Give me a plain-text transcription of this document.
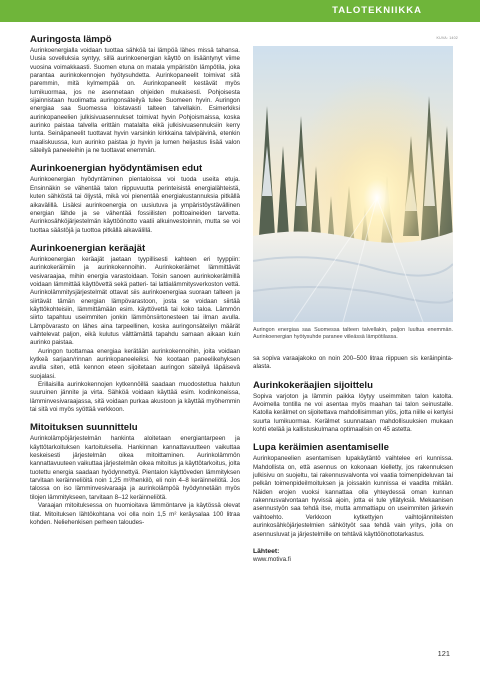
TALOTEKNIIKKA
KUVA: 1402
Auringosta lämpö

Aurinkoenergialla voidaan tuottaa sähköä tai lämpöä lähes missä tahansa. Uusia sovelluksia syntyy, sillä aurinkoenergian käyttö on lisääntynyt viime vuosina voimakkaasti. Suomen etuna on matala ympäristön lämpötila, joka parantaa aurinkokennojen hyötysuhdetta. Aurinkopaneelit toimivat sitä paremmin, mitä kylmempää on. Aurinkopaneelit kestävät myös lumikuormaa, jos ne asennetaan ohjeiden mukaisesti. Pohjoisesta sijainnistaan huolimatta auringonsäteilyä tulee Suomeen hyvin. Auringon energiaa saa Suomessa loistavasti talteen talvellakin. Esimerkiksi aurinkopaneelien julkisivuasennukset toimivat hyvin Pohjoismaissa, koska aurinko paistaa talvella erittäin matalalta eikä julkisivuasennuksiin kerry lunta. Seinäpaneelit tuottavat hyvin varsinkin kirkkaina talvipäivinä, etenkin maaliskuussa, kun aurinko paistaa jo hyvin ja lumen heijastus lisää valon säteilyä paneeleihin ja ne tuottavat enemmän.

Aurinkoenergian hyödyntämisen edut

Aurinkoenergian hyödyntäminen pientaloissa voi tuoda useita etuja. Ensinnäkin se vähentää talon riippuvuutta perinteisistä energialähteistä, kuten sähköstä tai öljystä, mikä voi pienentää energiakustannuksia pitkällä aikavälillä. Lisäksi aurinkoenergia on uusiutuva ja ympäristöystävällinen energian lähde ja se vähentää fossiilisten polttoaineiden tarvetta. Aurinkosähköjärjestelmän käyttöönotto vaatii alkuinvestoinnin, mutta se voi tuottaa säästöjä ja tuottoa pitkällä aikavälillä.

Aurinkoenergian keräajät

Aurinkoenergian keräajät jaetaan tyypillisesti kahteen eri tyyppiin: aurinkokeräimiin ja aurinkokennoihin. Aurinkokeräimet lämmittävät vesivaraajaa, mihin energia varastoidaan. Toisin sanoen aurinkokerälmillä voidaan lämmittää käyttövettä sekä patteri- tai lattialämmitysverkoston vettä. Aurinkolämmitysjärjestelmät ottavat siis aurinkoenergiaa suoraan talteen ja siirtävät tämän energian lämpövarastoon, josta se voidaan siirtää käyttökohteisiin, lämmittämään esim. käyttövettä tai koko taloa. Lämmön siirto tapahtuu useimmiten jonkin lämmönsiirtonesteen tai ilman avulla. Lämpövarasto on lähes aina tarpeellinen, koska auringonsäteilyn määrät vaihtelevat paljon, eikä kulutus välttämättä tapahdu samaan aikaan kuin aurinko paistaa.

Auringon tuottamaa energiaa kerätään aurinkokennoihin, joita voidaan kytkeä sarjaan/rinnan aurinkopaneeleiksi. Ne kootaan paneelikehyksen avulla siten, että kennon eteen sijoitetaan auringon säteilyä läpäisevä suojalasi.

Erillaisilla aurinkokennojen kytkennöillä saadaan muodostettua halutun suuruinen jännite ja virta. Sähköä voidaan käyttää esim. kodinkoneissa, lämminvesivaraajassa, sitä voidaan purkaa akustoon ja käyttää myöhemmin tai sitä voi myös syöttää verkkoon.

Mitoituksen suunnittelu

Aurinkolämpöjärjestelmän hankinta aloitetaan energiantarpeen ja käyttötarkoituksen kartoituksella. Hankinnan kannattavuutteen vaikuttaa keskeisesti järjestelmän oikea mitoittaminen. Aurinkolämmön kannattavuuteen vaikuttaa järjestelmän oikea mitoitus ja käyttötarkoitus, jolta tuotettu energia saadaan hyödynnettyä. Pientalon käyttöveden lämmityksen tarvitaan keräinneliöitä noin 1,25 m²/henkilö, eli noin 4–8 keräinneliötä. Jos talossa on iso lämminvesivaraaja ja aurinkolämpöä hyödynnetään myös tilojen lämmitykseen, tarvitaan 8–12 keräinneliötä.

Varaajan mitoituksessa on huomioitava lämmöntarve ja käytössä olevat tilat. Mitoituksen lähtökohtana voi olla noin 1,5 m² keräysalaa 100 litraa kohden. Neliehenkisen perheen taloudes-

Auringon energiaa saa Suomessa talteen talvellakin, paljon luultua enemmän. Aurinkoenergian hyötysuhde paranee viileässä lämpötilassa.

sa sopiva varaajakoko on noin 200–500 litraa riippuen sis keräinpinta-alasta.

Aurinkokeräajien sijoittelu

Sopiva varjoton ja lämmin paikka löytyy useimmiten talon katolta. Avoimella tontilla ne voi asentaa myös maahan tai talon seinustalle. Katolla kerälmet on sijoitettava mahdollisimman ylös, jotta niille ei kertyisi suurta lumikuormaa. Kerälmet suunnataan mahdollisuuksien mukaan kohti etelää ja kallistuskulmana optimaalisin on 45 astetta.

Lupa keräimien asentamiselle

Aurinkopaneelien asentamisen lupakäytäntö vaihtelee eri kunnissa. Mahdollista on, että asennus on kokonaan kielletty, jos rakennuksen julkisivu on suojeltu, tai rakennusvalvonta voi vaatia toimenpideluvan tai pelkän toimenpideilmoituksen ja joissakin kunnissa ei vaadita mitään. Näiden erojen vuoksi kannattaa olla yhteydessä oman kunnan rakennusvalvontaan hyvissä ajoin, jotta ei tule yllätyksiä. Mekaanisen asennustyön saa tehdä itse, mutta ammattiapu on useimmiten järkevin vaihtoehto. Verkkoon kytkettyjen vaihtojänniteisten aurinkosähköjärjestelmien sähkötyöt saa tehdä vain yritys, jolla on asennusluvat ja järjestelmille on tehtävä käyttöönottotarkastus.

Lähteet:
www.motiva.fi
121
